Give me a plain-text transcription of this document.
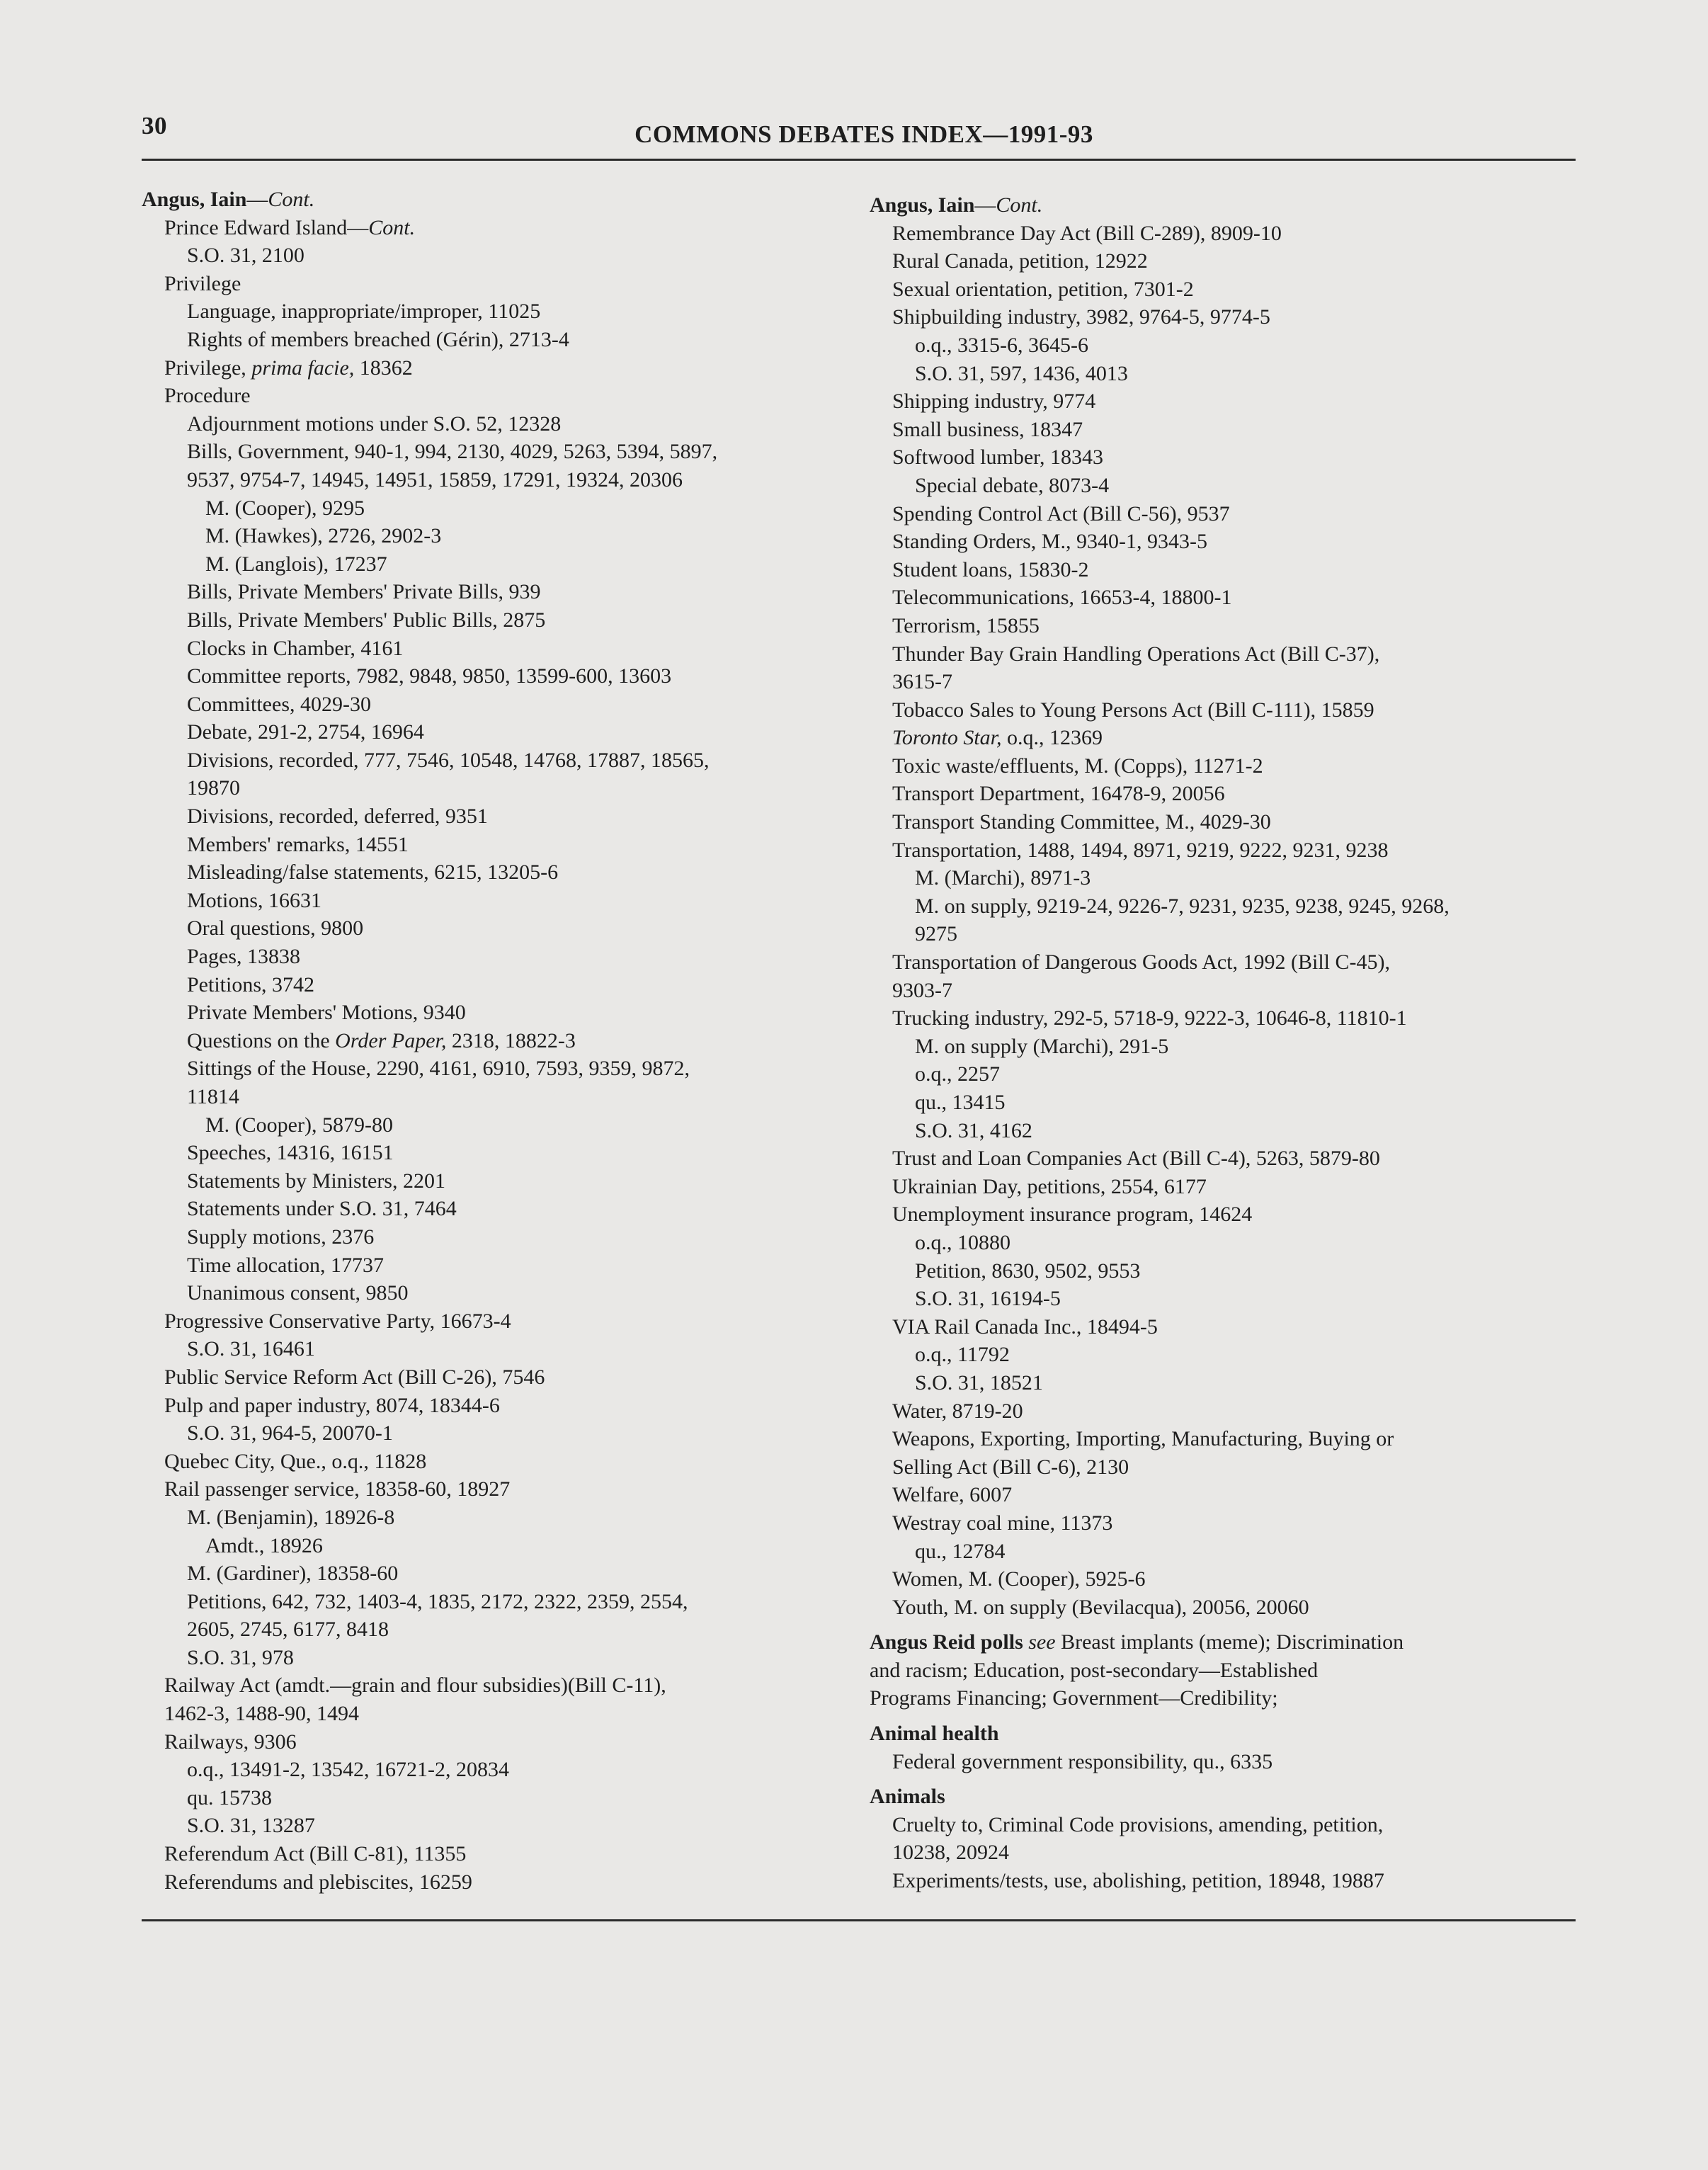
30	COMMONS DEBATES INDEX—1991-93
Angus, Iain—Cont.
Prince Edward Island—Cont.
S.O. 31, 2100
Privilege
Language, inappropriate/improper, 11025
Rights of members breached (Gérin), 2713-4
Privilege, prima facie, 18362
Procedure
Adjournment motions under S.O. 52, 12328
Bills, Government, 940-1, 994, 2130, 4029, 5263, 5394, 5897,
9537, 9754-7, 14945, 14951, 15859, 17291, 19324, 20306
M. (Cooper), 9295
M. (Hawkes), 2726, 2902-3
M. (Langlois), 17237
Bills, Private Members' Private Bills, 939
Bills, Private Members' Public Bills, 2875
Clocks in Chamber, 4161
Committee reports, 7982, 9848, 9850, 13599-600, 13603
Committees, 4029-30
Debate, 291-2, 2754, 16964
Divisions, recorded, 777, 7546, 10548, 14768, 17887, 18565,
19870
Divisions, recorded, deferred, 9351
Members' remarks, 14551
Misleading/false statements, 6215, 13205-6
Motions, 16631
Oral questions, 9800
Pages, 13838
Petitions, 3742
Private Members' Motions, 9340
Questions on the Order Paper, 2318, 18822-3
Sittings of the House, 2290, 4161, 6910, 7593, 9359, 9872,
11814
M. (Cooper), 5879-80
Speeches, 14316, 16151
Statements by Ministers, 2201
Statements under S.O. 31, 7464
Supply motions, 2376
Time allocation, 17737
Unanimous consent, 9850
Progressive Conservative Party, 16673-4
S.O. 31, 16461
Public Service Reform Act (Bill C-26), 7546
Pulp and paper industry, 8074, 18344-6
S.O. 31, 964-5, 20070-1
Quebec City, Que., o.q., 11828
Rail passenger service, 18358-60, 18927
M. (Benjamin), 18926-8
Amdt., 18926
M. (Gardiner), 18358-60
Petitions, 642, 732, 1403-4, 1835, 2172, 2322, 2359, 2554,
2605, 2745, 6177, 8418
S.O. 31, 978
Railway Act (amdt.—grain and flour subsidies)(Bill C-11),
1462-3, 1488-90, 1494
Railways, 9306
o.q., 13491-2, 13542, 16721-2, 20834
qu. 15738
S.O. 31, 13287
Referendum Act (Bill C-81), 11355
Referendums and plebiscites, 16259
Angus, Iain—Cont.
Remembrance Day Act (Bill C-289), 8909-10
Rural Canada, petition, 12922
Sexual orientation, petition, 7301-2
Shipbuilding industry, 3982, 9764-5, 9774-5
o.q., 3315-6, 3645-6
S.O. 31, 597, 1436, 4013
Shipping industry, 9774
Small business, 18347
Softwood lumber, 18343
Special debate, 8073-4
Spending Control Act (Bill C-56), 9537
Standing Orders, M., 9340-1, 9343-5
Student loans, 15830-2
Telecommunications, 16653-4, 18800-1
Terrorism, 15855
Thunder Bay Grain Handling Operations Act (Bill C-37),
3615-7
Tobacco Sales to Young Persons Act (Bill C-111), 15859
Toronto Star, o.q., 12369
Toxic waste/effluents, M. (Copps), 11271-2
Transport Department, 16478-9, 20056
Transport Standing Committee, M., 4029-30
Transportation, 1488, 1494, 8971, 9219, 9222, 9231, 9238
M. (Marchi), 8971-3
M. on supply, 9219-24, 9226-7, 9231, 9235, 9238, 9245, 9268,
9275
Transportation of Dangerous Goods Act, 1992 (Bill C-45),
9303-7
Trucking industry, 292-5, 5718-9, 9222-3, 10646-8, 11810-1
M. on supply (Marchi), 291-5
o.q., 2257
qu., 13415
S.O. 31, 4162
Trust and Loan Companies Act (Bill C-4), 5263, 5879-80
Ukrainian Day, petitions, 2554, 6177
Unemployment insurance program, 14624
o.q., 10880
Petition, 8630, 9502, 9553
S.O. 31, 16194-5
VIA Rail Canada Inc., 18494-5
o.q., 11792
S.O. 31, 18521
Water, 8719-20
Weapons, Exporting, Importing, Manufacturing, Buying or
Selling Act (Bill C-6), 2130
Welfare, 6007
Westray coal mine, 11373
qu., 12784
Women, M. (Cooper), 5925-6
Youth, M. on supply (Bevilacqua), 20056, 20060
Angus Reid polls see Breast implants (meme); Discrimination
and racism; Education, post-secondary—Established
Programs Financing; Government—Credibility;
Animal health
Federal government responsibility, qu., 6335
Animals
Cruelty to, Criminal Code provisions, amending, petition,
10238, 20924
Experiments/tests, use, abolishing, petition, 18948, 19887
